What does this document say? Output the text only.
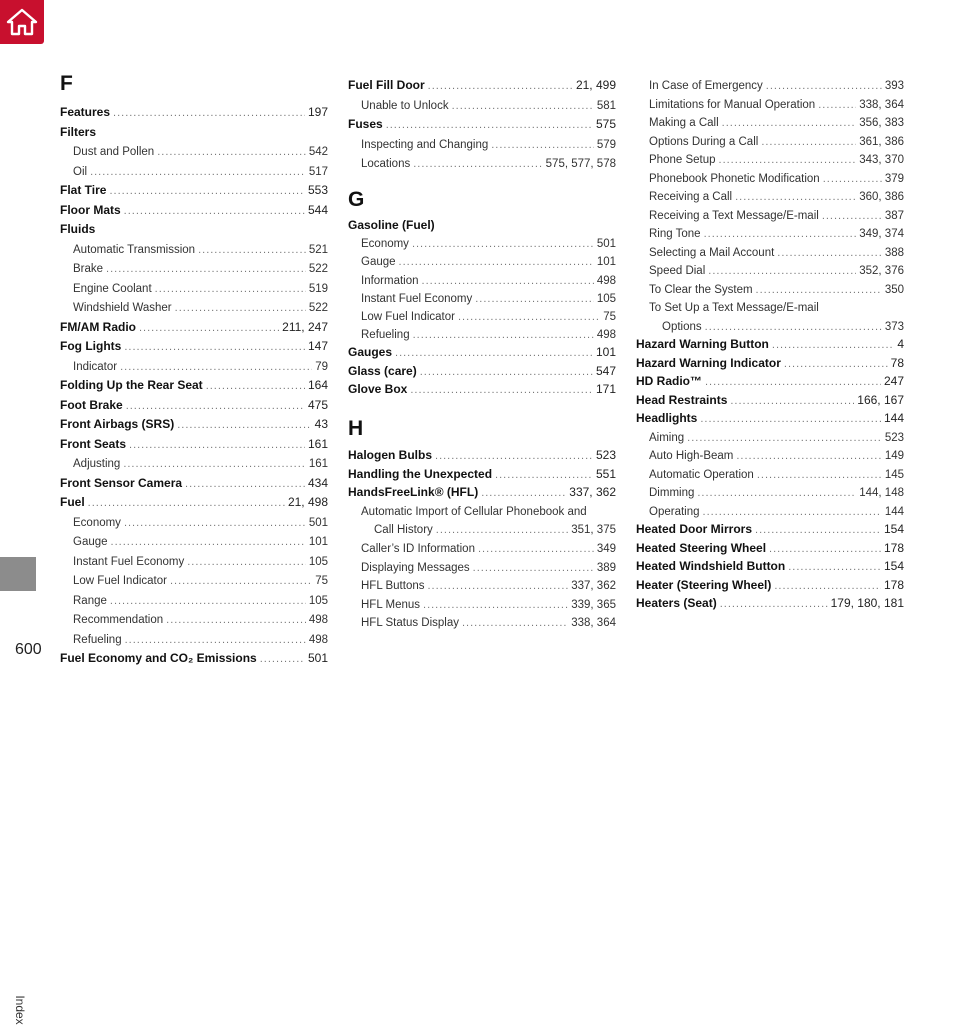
Index
600
F
Features .....	197
Filters
Dust and Pollen .....	542
Oil .....	517
Flat Tire .....	553
Floor Mats .....	544
Fluids
Automatic Transmission .....	521
Brake .....	522
Engine Coolant .....	519
Windshield Washer .....	522
FM/AM Radio .....	211, 247
Fog Lights .....	147
Indicator .....	79
Folding Up the Rear Seat .....	164
Foot Brake .....	475
Front Airbags (SRS) .....	43
Front Seats .....	161
Adjusting .....	161
Front Sensor Camera .....	434
Fuel .....	21, 498
Economy .....	501
Gauge .....	101
Instant Fuel Economy .....	105
Low Fuel Indicator .....	75
Range .....	105
Recommendation .....	498
Refueling .....	498
Fuel Economy and CO₂ Emissions .....	501
Fuel Fill Door .....	21, 499
Unable to Unlock .....	581
Fuses .....	575
Inspecting and Changing .....	579
Locations .....	575, 577, 578
G
Gasoline (Fuel)
Economy .....	501
Gauge .....	101
Information .....	498
Instant Fuel Economy .....	105
Low Fuel Indicator .....	75
Refueling .....	498
Gauges .....	101
Glass (care) .....	547
Glove Box .....	171
H
Halogen Bulbs .....	523
Handling the Unexpected .....	551
HandsFreeLink® (HFL) .....	337, 362
Automatic Import of Cellular Phonebook and
Call History .....	351, 375
Caller’s ID Information .....	349
Displaying Messages .....	389
HFL Buttons .....	337, 362
HFL Menus .....	339, 365
HFL Status Display .....	338, 364
In Case of Emergency .....	393
Limitations for Manual Operation .....	338, 364
Making a Call .....	356, 383
Options During a Call .....	361, 386
Phone Setup .....	343, 370
Phonebook Phonetic Modification .....	379
Receiving a Call .....	360, 386
Receiving a Text Message/E-mail .....	387
Ring Tone .....	349, 374
Selecting a Mail Account .....	388
Speed Dial .....	352, 376
To Clear the System .....	350
To Set Up a Text Message/E-mail
Options .....	373
Hazard Warning Button .....	4
Hazard Warning Indicator .....	78
HD Radio™ .....	247
Head Restraints .....	166, 167
Headlights .....	144
Aiming .....	523
Auto High-Beam .....	149
Automatic Operation .....	145
Dimming .....	144, 148
Operating .....	144
Heated Door Mirrors .....	154
Heated Steering Wheel .....	178
Heated Windshield Button .....	154
Heater (Steering Wheel) .....	178
Heaters (Seat) .....	179, 180, 181
